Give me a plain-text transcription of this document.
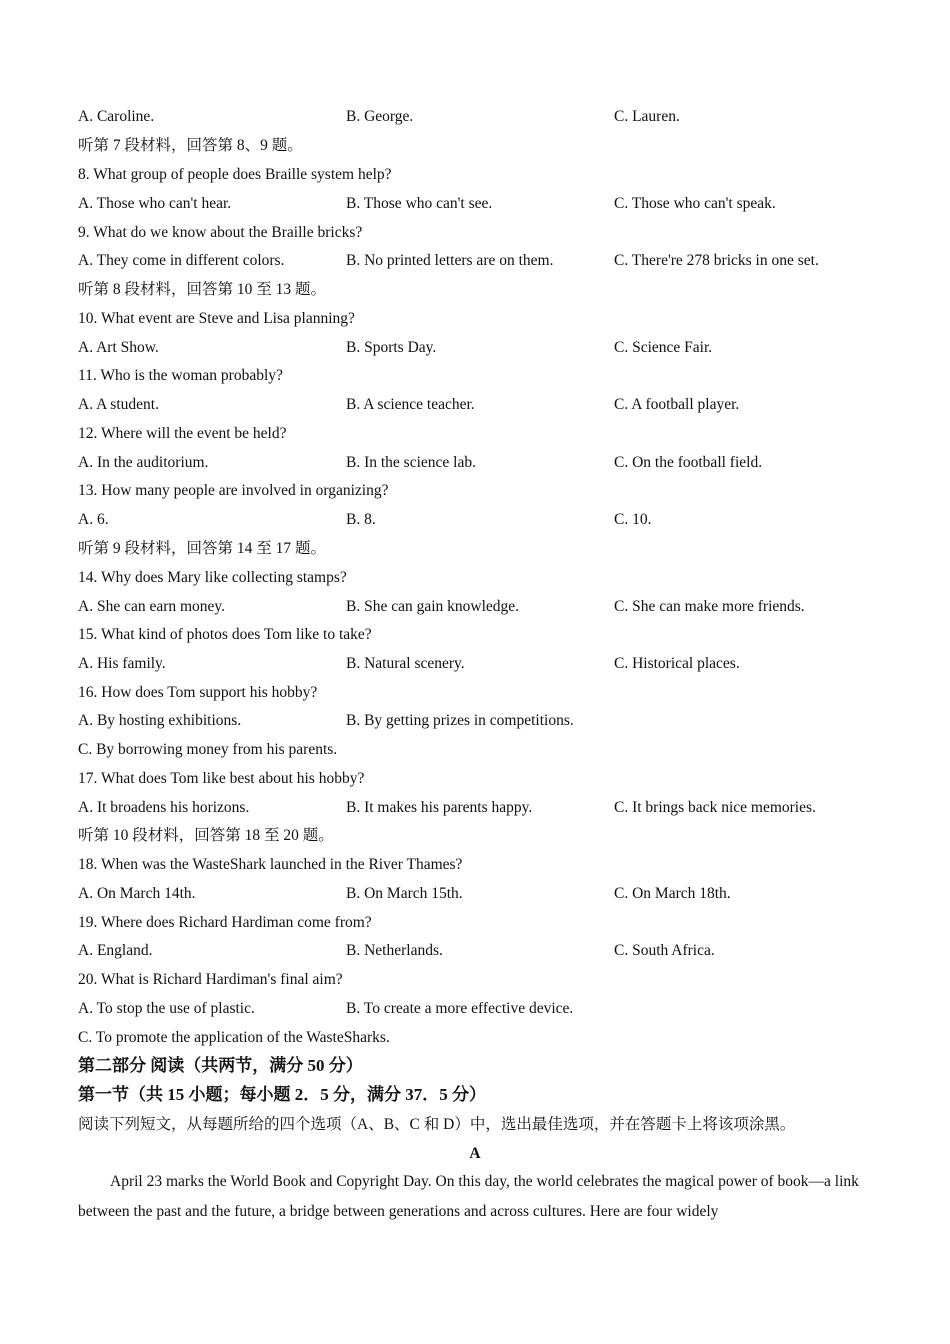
A. Caroline.	B. George.	C. Lauren.
听第 7 段材料，回答第 8、9 题。
8. What group of people does Braille system help?
A. Those who can't hear.	B. Those who can't see.	C. Those who can't speak.
9. What do we know about the Braille bricks?
A. They come in different colors.	B. No printed letters are on them.	C. There're 278 bricks in one set.
听第 8 段材料，回答第 10 至 13 题。
10. What event are Steve and Lisa planning?
A. Art Show.	B. Sports Day.	C. Science Fair.
11. Who is the woman probably?
A. A student.	B. A science teacher.	C. A football player.
12. Where will the event be held?
A. In the auditorium.	B. In the science lab.	C. On the football field.
13. How many people are involved in organizing?
A. 6.	B. 8.	C. 10.
听第 9 段材料，回答第 14 至 17 题。
14. Why does Mary like collecting stamps?
A. She can earn money.	B. She can gain knowledge.	C. She can make more friends.
15. What kind of photos does Tom like to take?
A. His family.	B. Natural scenery.	C. Historical places.
16. How does Tom support his hobby?
A. By hosting exhibitions.	B. By getting prizes in competitions.
C. By borrowing money from his parents.
17. What does Tom like best about his hobby?
A. It broadens his horizons.	B. It makes his parents happy.	C. It brings back nice memories.
听第 10 段材料，回答第 18 至 20 题。
18. When was the WasteShark launched in the River Thames?
A. On March 14th.	B. On March 15th.	C. On March 18th.
19. Where does Richard Hardiman come from?
A. England.	B. Netherlands.	C. South Africa.
20. What is Richard Hardiman's final aim?
A. To stop the use of plastic.	B. To create a more effective device.
C. To promote the application of the WasteSharks.
第二部分 阅读（共两节，满分 50 分）
第一节（共 15 小题；每小题 2．5 分，满分 37．5 分）
阅读下列短文，从每题所给的四个选项（A、B、C 和 D）中，选出最佳选项，并在答题卡上将该项涂黑。
A
April 23 marks the World Book and Copyright Day. On this day, the world celebrates the magical power of book—a link between the past and the future, a bridge between generations and across cultures. Here are four widely
